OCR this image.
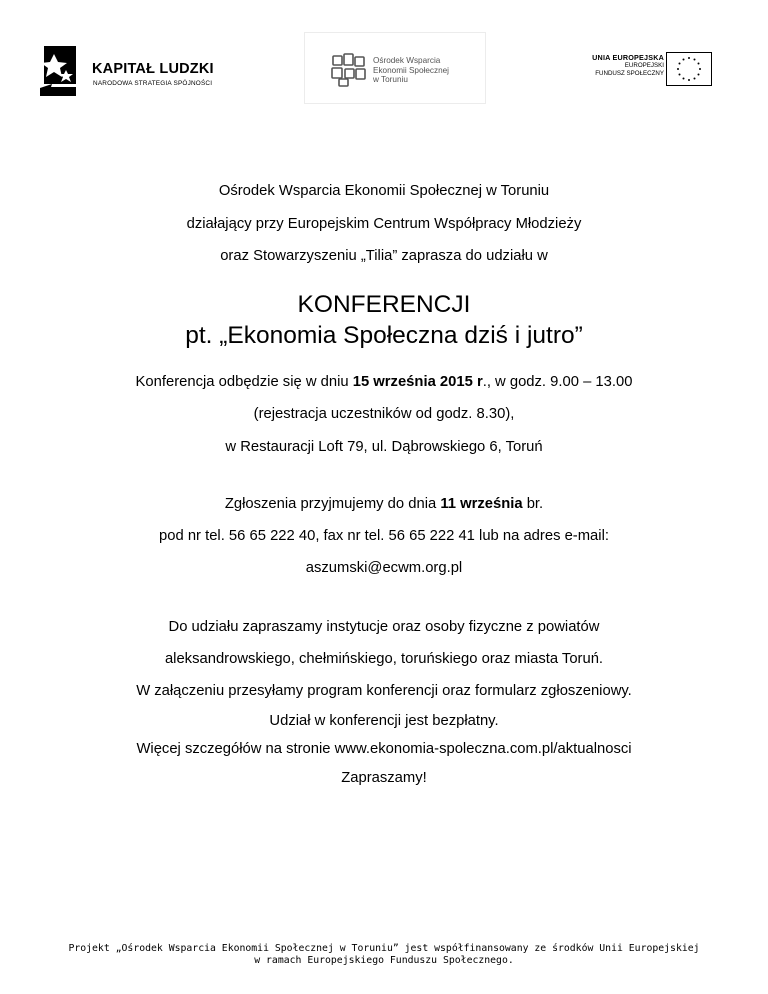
KAPITAŁ LUDZKI
NARODOWA STRATEGIA SPÓJNOŚCI
Ośrodek Wsparcia
Ekonomii Społecznej
w Toruniu
UNIA EUROPEJSKA
EUROPEJSKI
FUNDUSZ SPOŁECZNY
Ośrodek Wsparcia Ekonomii Społecznej w Toruniu
działający przy Europejskim Centrum Współpracy Młodzieży
oraz Stowarzyszeniu „Tilia” zaprasza do udziału w
KONFERENCJI
pt. „Ekonomia Społeczna dziś i jutro”
Konferencja odbędzie się w dniu 15 września 2015 r., w godz. 9.00 – 13.00
(rejestracja uczestników od godz. 8.30),
w Restauracji Loft 79, ul. Dąbrowskiego 6, Toruń
Zgłoszenia przyjmujemy do dnia 11 września br.
pod nr tel. 56 65 222 40, fax nr tel. 56 65 222 41 lub na adres e-mail:
aszumski@ecwm.org.pl
Do udziału zapraszamy instytucje oraz osoby fizyczne z powiatów
aleksandrowskiego, chełmińskiego, toruńskiego oraz miasta Toruń.
W załączeniu przesyłamy program konferencji oraz formularz zgłoszeniowy.
Udział w konferencji jest bezpłatny.
Więcej szczegółów na stronie www.ekonomia-spoleczna.com.pl/aktualnosci
Zapraszamy!
Projekt „Ośrodek Wsparcia Ekonomii Społecznej w Toruniu” jest współfinansowany ze środków Unii Europejskiej
w ramach Europejskiego Funduszu Społecznego.
